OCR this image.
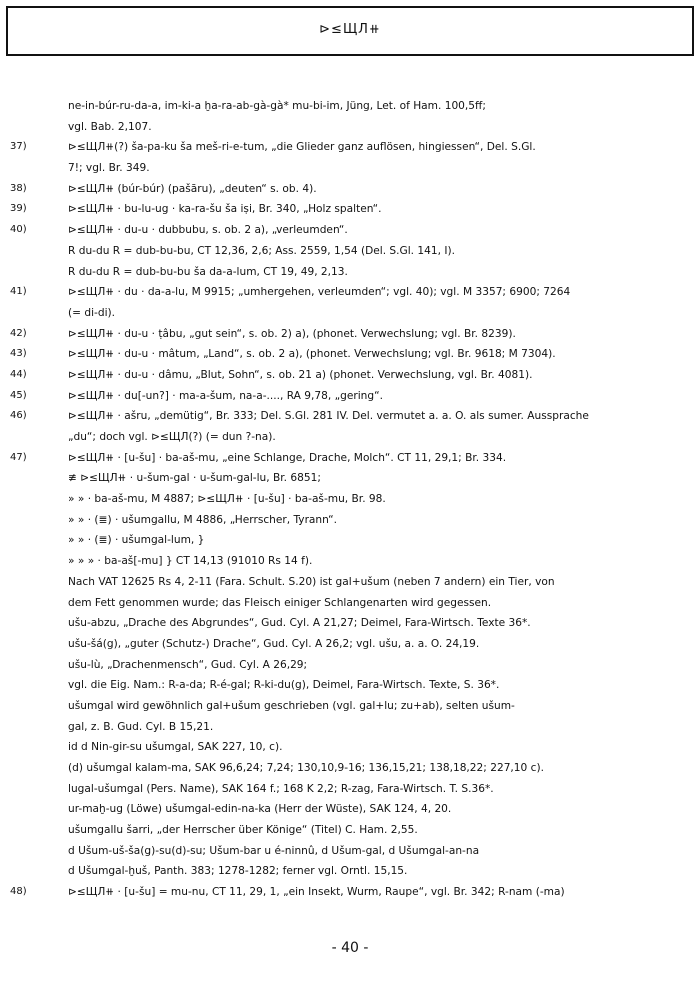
⊳≤ЩЛ⧺
ne-in-búr-ru-da-a, im-ki-a ḫa-ra-ab-gà-gà* mu-bi-im, Jüng, Let. of Ham. 100,5ff;
vgl. Bab. 2,107.
37)	⊳≤ЩЛ⧺(?) ša-pa-ku ša meš-ri-e-tum, „die Glieder ganz auflösen, hingiessen“, Del. S.Gl.
7!; vgl. Br. 349.
38)	⊳≤ЩЛ⧺ (búr-búr) (pašāru), „deuten“ s. ob. 4).
39)	⊳≤ЩЛ⧺ · bu-lu-ug · ka-ra-šu ša iṣi, Br. 340, „Holz spalten“.
40)	⊳≤ЩЛ⧺ · du-u · dubbubu, s. ob. 2 a), „verleumden“.
R du-du R = dub-bu-bu, CT 12,36, 2,6; Ass. 2559, 1,54 (Del. S.Gl. 141, I).
R du-du R = dub-bu-bu ša da-a-lum, CT 19, 49, 2,13.
41)	⊳≤ЩЛ⧺ · du · da-a-lu, M 9915; „umhergehen, verleumden“; vgl. 40); vgl. M 3357; 6900; 7264
(= di-di).
42)	⊳≤ЩЛ⧺ · du-u · ṭâbu, „gut sein“, s. ob. 2) a), (phonet. Verwechslung; vgl. Br. 8239).
43)	⊳≤ЩЛ⧺ · du-u · mâtum, „Land“, s. ob. 2 a), (phonet. Verwechslung; vgl. Br. 9618; M 7304).
44)	⊳≤ЩЛ⧺ · du-u · dâmu, „Blut, Sohn“, s. ob. 21 a) (phonet. Verwechslung, vgl. Br. 4081).
45)	⊳≤ЩЛ⧺ · du[-un?] · ma-a-šum, na-a-...., RA 9,78, „gering“.
46)	⊳≤ЩЛ⧺ · ašru, „demütig“, Br. 333; Del. S.Gl. 281 IV. Del. vermutet a. a. O. als sumer. Aussprache
„du“; doch vgl. ⊳≤ЩЛ(?) (= dun ?-na).
47)	⊳≤ЩЛ⧺ · [u-šu] · ba-aš-mu, „eine Schlange, Drache, Molch“. CT 11, 29,1; Br. 334.
≢ ⊳≤ЩЛ⧺ · u-šum-gal · u-šum-gal-lu, Br. 6851;
» » · ba-aš-mu, M 4887; ⊳≤ЩЛ⧺ · [u-šu] · ba-aš-mu, Br. 98.
» » · (≣) · ušumgallu, M 4886, „Herrscher, Tyrann“.
» » · (≣) · ušumgal-lum, }
» » » · ba-aš[-mu] } CT 14,13 (91010 Rs 14 f).
Nach VAT 12625 Rs 4, 2-11 (Fara. Schult. S.20) ist gal+ušum (neben 7 andern) ein Tier, von
dem Fett genommen wurde; das Fleisch einiger Schlangenarten wird gegessen.
ušu-abzu, „Drache des Abgrundes“, Gud. Cyl. A 21,27; Deimel, Fara-Wirtsch. Texte 36*.
ušu-šá(g), „guter (Schutz-) Drache“, Gud. Cyl. A 26,2; vgl. ušu, a. a. O. 24,19.
ušu-lù, „Drachenmensch“, Gud. Cyl. A 26,29;
vgl. die Eig. Nam.: R-a-da; R-é-gal; R-ki-du(g), Deimel, Fara-Wirtsch. Texte, S. 36*.
ušumgal wird gewöhnlich gal+ušum geschrieben (vgl. gal+lu; zu+ab), selten ušum-
gal, z. B. Gud. Cyl. B 15,21.
id d Nin-gir-su ušumgal, SAK 227, 10, c).
(d) ušumgal kalam-ma, SAK 96,6,24; 7,24; 130,10,9-16; 136,15,21; 138,18,22; 227,10 c).
lugal-ušumgal (Pers. Name), SAK 164 f.; 168 K 2,2; R-zag, Fara-Wirtsch. T. S.36*.
ur-maḫ-ug (Löwe) ušumgal-edin-na-ka (Herr der Wüste), SAK 124, 4, 20.
ušumgallu šarri, „der Herrscher über Könige“ (Titel) C. Ham. 2,55.
d Ušum-uš-ša(g)-su(d)-su; Ušum-bar u é-ninnû, d Ušum-gal, d Ušumgal-an-na
d Ušumgal-ḫuš, Panth. 383; 1278-1282; ferner vgl. Orntl. 15,15.
48)	⊳≤ЩЛ⧺ · [u-šu] = mu-nu, CT 11, 29, 1, „ein Insekt, Wurm, Raupe“, vgl. Br. 342; R-nam (-ma)
- 40 -
